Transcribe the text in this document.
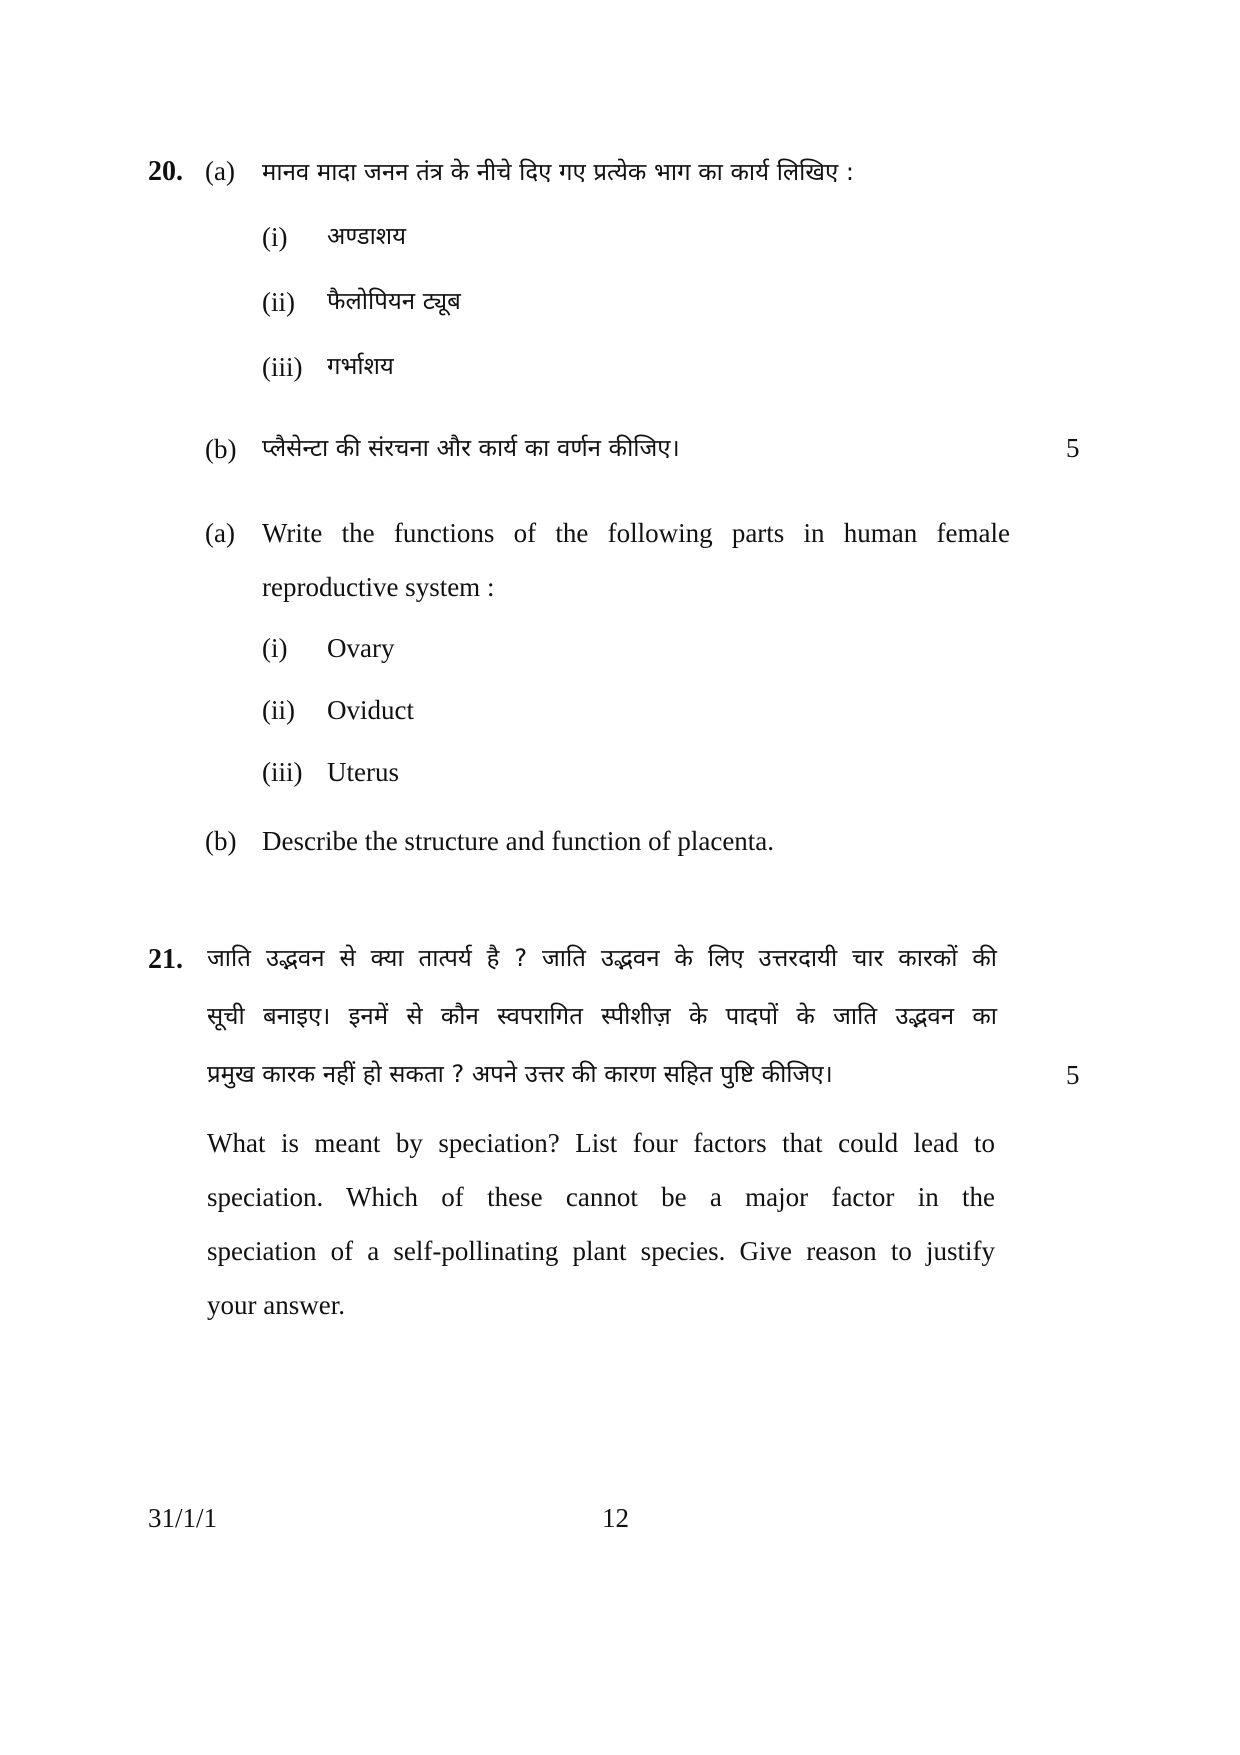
20. (a) मानव मादा जनन तंत्र के नीचे दिए गए प्रत्येक भाग का कार्य लिखिए :
(i) अण्डाशय
(ii) फैलोपियन ट्यूब
(iii) गर्भाशय
(b) प्लैसेन्टा की संरचना और कार्य का वर्णन कीजिए।	5
(a) Write the functions of the following parts in human female
reproductive system :
(i) Ovary
(ii) Oviduct
(iii) Uterus
(b) Describe the structure and function of placenta.
21. जाति उद्भवन से क्या तात्पर्य है ? जाति उद्भवन के लिए उत्तरदायी चार कारकों की
सूची बनाइए। इनमें से कौन स्वपरागित स्पीशीज़ के पादपों के जाति उद्भवन का
प्रमुख कारक नहीं हो सकता ? अपने उत्तर की कारण सहित पुष्टि कीजिए।	5
What is meant by speciation? List four factors that could lead to
speciation. Which of these cannot be a major factor in the
speciation of a self-pollinating plant species. Give reason to justify
your answer.
31/1/1	12
